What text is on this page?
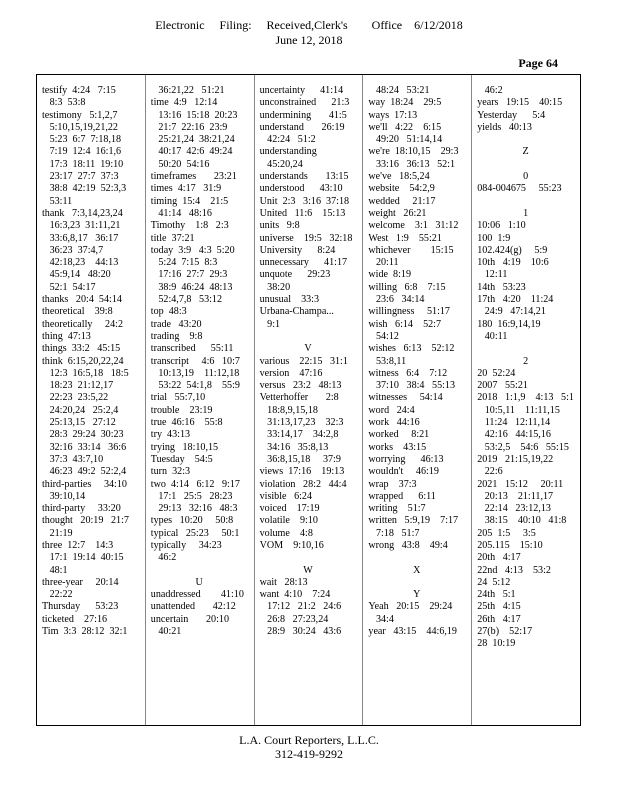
Electronic     Filing:     Received,Clerk's        Office    6/12/2018
June 12, 2018
Page 64
testify  4:24   7:15
8:3  53:8
testimony   5:1,2,7
5:10,15,19,21,22
5:23  6:7  7:18,18
7:19  12:4  16:1,6
17:3  18:11  19:10
23:17  27:7  37:3
38:8  42:19  52:3,3
53:11
thank   7:3,14,23,24
16:3,23  31:11,21
33:6,8,17   36:17
36:23  37:4,7
42:18,23    44:13
45:9,14   48:20
52:1  54:17
thanks   20:4  54:14
theoretical    39:8
theoretically     24:2
thing  47:13
things  33:2   45:15
think  6:15,20,22,24
12:3  16:5,18   18:5
18:23  21:12,17
22:23  23:5,22
24:20,24   25:2,4
25:13,15   27:12
28:3  29:24  30:23
32:16  33:14   36:6
37:3  43:7,10
46:23  49:2  52:2,4
third-parties     34:10
39:10,14
third-party     33:20
thought   20:19   21:7
21:19
three  12:7    14:3
17:1  19:14  40:15
48:1
three-year     20:14
22:22
Thursday      53:23
ticketed    27:16
Tim  3:3  28:12  32:1
36:21,22   51:21
time  4:9   12:14
13:16  15:18  20:23
21:7  22:16  23:9
25:21,24  38:21,24
40:17  42:6  49:24
50:20  54:16
timeframes       23:21
times  4:17   31:9
timing  15:4    21:5
41:14   48:16
Timothy    1:8   2:3
title  37:21
today  3:9   4:3  5:20
5:24  7:15  8:3
17:16  27:7  29:3
38:9  46:24  48:13
52:4,7,8   53:12
top  48:3
trade   43:20
trading    9:8
transcribed      55:11
transcript     4:6   10:7
10:13,19    11:12,18
53:22  54:1,8    55:9
trial   55:7,10
trouble    23:19
true  46:16    55:8
try  43:13
trying   18:10,15
Tuesday    54:5
turn  32:3
two  4:14   6:12   9:17
17:1   25:5   28:23
29:13   32:16   48:3
types   10:20     50:8
typical   25:23     50:1
typically     34:23
46:2

U
unaddressed        41:10
unattended       42:12
uncertain       20:10
40:21
uncertainty      41:14
unconstrained      21:3
undermining       41:5
understand       26:19
42:24   51:2
understanding
45:20,24
understands       13:15
understood      43:10
Unit  2:3   3:16  37:18
United   11:6    15:13
units   9:8
universe    19:5   32:18
University      8:24
unnecessary      41:17
unquote      29:23
38:20
unusual    33:3
Urbana-Champa...
9:1

V
various    22:15   31:1
version    47:16
versus   23:2   48:13
Vetterhoffer       2:8
18:8,9,15,18
31:13,17,23    32:3
33:14,17    34:2,8
34:16   35:8,13
36:8,15,18     37:9
views  17:16    19:13
violation   28:2   44:4
visible   6:24
voiced    17:19
volatile    9:10
volume    4:8
VOM    9:10,16

W
wait   28:13
want  4:10    7:24
17:12   21:2   24:6
26:8   27:23,24
28:9   30:24   43:6
48:24   53:21
way  18:24    29:5
ways  17:13
we'll   4:22    6:15
49:20   51:14,14
we're  18:10,15    29:3
33:16   36:13   52:1
we've   18:5,24
website    54:2,9
wedded     21:17
weight   26:21
welcome    3:1   31:12
West   1:9    55:21
whichever        15:15
20:11
wide  8:19
willing   6:8    7:15
23:6   34:14
willingness     51:17
wish   6:14    52:7
54:12
wishes   6:13    52:12
53:8,11
witness   6:4    7:12
37:10   38:4   55:13
witnesses     54:14
word   24:4
work   44:16
worked     8:21
works    43:15
worrying      46:13
wouldn't     46:19
wrap    37:3
wrapped      6:11
writing    51:7
written   5:9,19    7:17
7:18   51:7
wrong   43:8    49:4

X

Y
Yeah   20:15    29:24
34:4
year   43:15    44:6,19
46:2
years   19:15    40:15
Yesterday      5:4
yields   40:13

Z

0
084-004675     55:23

1
10:06   1:10
100  1:9
102.424(g)     5:9
10th   4:19    10:6
12:11
14th   53:23
17th   4:20    11:24
24:9   47:14,21
180  16:9,14,19
40:11

2
20  52:24
2007   55:21
2018   1:1,9    4:13   5:1
10:5,11    11:11,15
11:24   12:11,14
42:16   44:15,16
53:2,5    54:6   55:15
2019   21:15,19,22
22:6
2021   15:12     20:11
20:13    21:11,17
22:14   23:12,13
38:15    40:10   41:8
205  1:5     3:5
205.115    15:10
20th   4:17
22nd   4:13    53:2
24  5:12
24th   5:1
25th   4:15
26th   4:17
27(b)    52:17
28  10:19
L.A. Court Reporters, L.L.C.
312-419-9292
